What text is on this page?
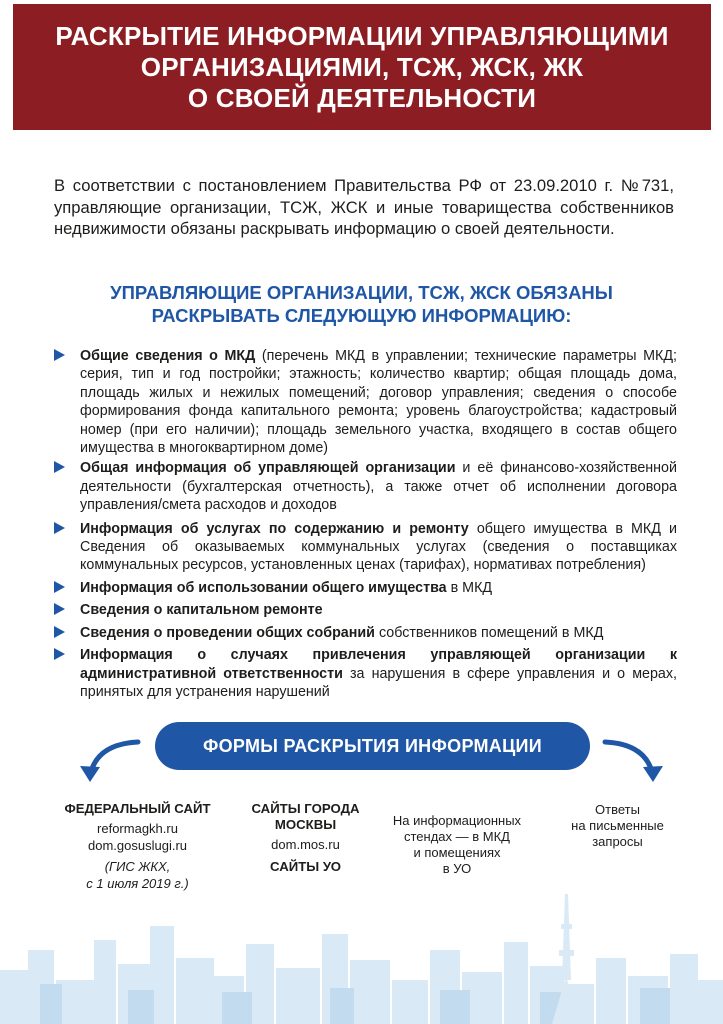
РАСКРЫТИЕ ИНФОРМАЦИИ УПРАВЛЯЮЩИМИ
ОРГАНИЗАЦИЯМИ, ТСЖ, ЖСК, ЖК
О СВОЕЙ ДЕЯТЕЛЬНОСТИ

В соответствии с постановлением Правительства РФ от 23.09.2010 г. №731, управляющие организации, ТСЖ, ЖСК и иные товарищества собственников недвижимости обязаны раскрывать информацию о своей деятельности.

УПРАВЛЯЮЩИЕ ОРГАНИЗАЦИИ, ТСЖ, ЖСК ОБЯЗАНЫ
РАСКРЫВАТЬ СЛЕДУЮЩУЮ ИНФОРМАЦИЮ:
Общие сведения о МКД (перечень МКД в управлении; технические параметры МКД; серия, тип и год постройки; этажность; количество квартир; общая площадь дома, площадь жилых и нежилых помещений; договор управления; сведения о способе формирования фонда капитального ремонта; уровень благоустройства; кадастровый номер (при его наличии); площадь земельного участка, входящего в состав общего имущества в многоквартирном доме)
Общая информация об управляющей организации и её финансово-хозяйственной деятельности (бухгалтерская отчетность), а также отчет об исполнении договора управления/смета расходов и доходов
Информация об услугах по содержанию и ремонту общего имущества в МКД и Сведения об оказываемых коммунальных услугах (сведения о поставщиках коммунальных ресурсов, установленных ценах (тарифах), нормативах потребления)
Информация об использовании общего имущества в МКД
Сведения о капитальном ремонте
Сведения о проведении общих собраний собственников помещений в МКД
Информация о случаях привлечения управляющей организации к административной ответственности за нарушения в сфере управления и о мерах, принятых для устранения нарушений
ФОРМЫ РАСКРЫТИЯ ИНФОРМАЦИИ
ФЕДЕРАЛЬНЫЙ САЙТ
reformagkh.ru
dom.gosuslugi.ru
(ГИС ЖКХ,
с 1 июля 2019 г.)
САЙТЫ ГОРОДА
МОСКВЫ
dom.mos.ru
САЙТЫ УО
На информационных
стендах — в МКД
и помещениях
в УО
Ответы
на письменные
запросы
